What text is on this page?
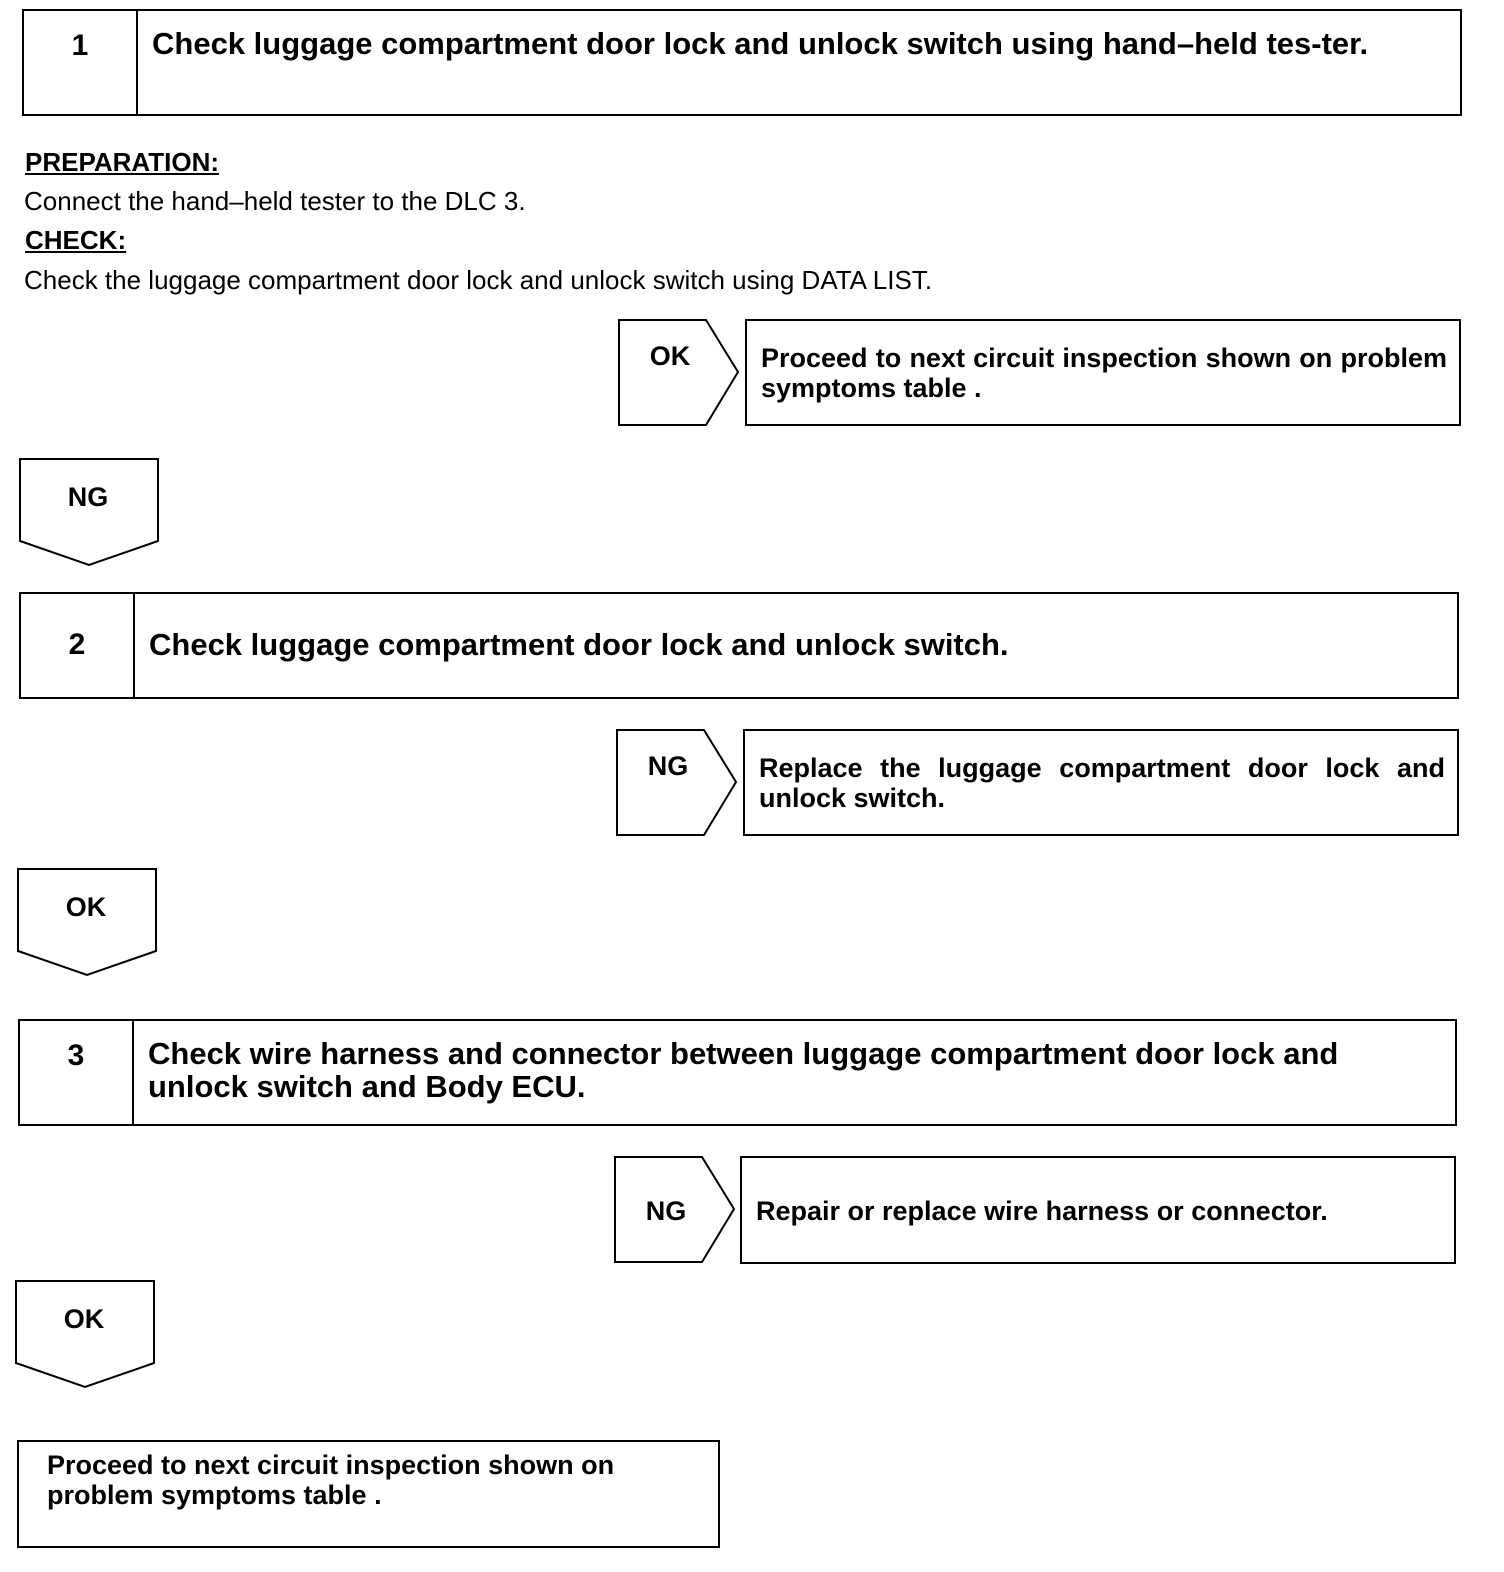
1	Check luggage compartment door lock and unlock switch using hand–held tes-ter.
PREPARATION:
Connect the hand–held tester to the DLC 3.
CHECK:
Check the luggage compartment door lock and unlock switch using DATA LIST.
OK	Proceed to next circuit inspection shown on problem symptoms table .
NG
2	Check luggage compartment door lock and unlock switch.
NG	Replace the luggage compartment door lock and unlock switch.
OK
3	Check wire harness and connector between luggage compartment door lock and unlock switch and Body ECU.
NG	Repair or replace wire harness or connector.
OK
Proceed to next circuit inspection shown on problem symptoms table .
